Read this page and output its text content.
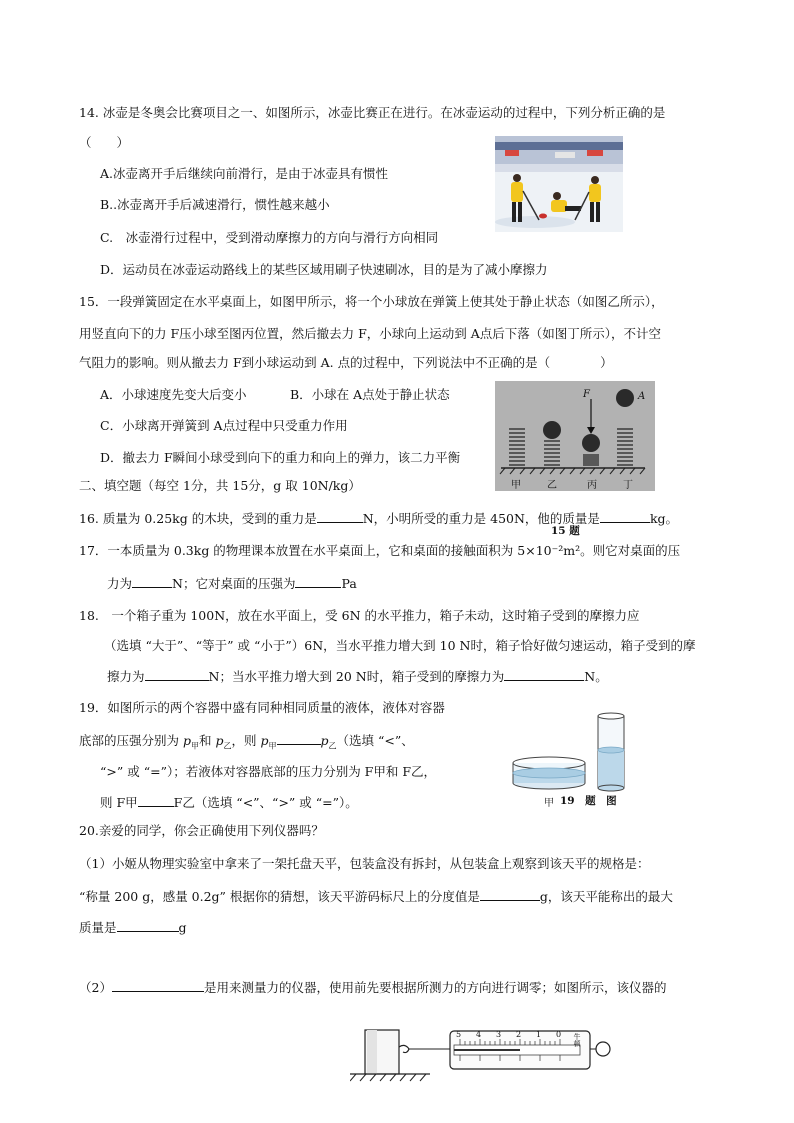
14. 冰壶是冬奥会比赛项目之一、如图所示，冰壶比赛正在进行。在冰壶运动的过程中，下列分析正确的是
（　　）
A.冰壶离开手后继续向前滑行，是由于冰壶具有惯性
B..冰壶离开手后减速滑行，惯性越来越小
C.　冰壶滑行过程中，受到滑动摩擦力的方向与滑行方向相同
D．运动员在冰壶运动路线上的某些区域用刷子快速刷冰，目的是为了减小摩擦力
15．一段弹簧固定在水平桌面上，如图甲所示，将一个小球放在弹簧上使其处于静止状态（如图乙所示），
用竖直向下的力 F压小球至图丙位置，然后撤去力 F，小球向上运动到 A点后下落（如图丁所示），不计空
气阻力的影响。则从撤去力 F到小球运动到 A. 点的过程中，下列说法中不正确的是（　　　　）
A．小球速度先变大后变小	B．小球在 A点处于静止状态
C．小球离开弹簧到 A点过程中只受重力作用
D．撤去力 F瞬间小球受到向下的重力和向上的弹力，该二力平衡
F	A
甲	乙	丙	丁
二、填空题（每空 1分，共 15分，g 取 10N/kg）
16. 质量为 0.25kg 的木块，受到的重力是	N，小明所受的重力是 450N，他的质量是	kg。
15 题
17．一本质量为 0.3kg 的物理课本放置在水平桌面上，它和桌面的接触面积为 5×10⁻²m²。则它对桌面的压
力为	N；它对桌面的压强为	Pa
18.　一个箱子重为 100N，放在水平面上，受 6N 的水平推力，箱子未动，这时箱子受到的摩擦力应
（选填 “大于”、“等于” 或 “小于”）6N，当水平推力增大到 10 N时，箱子恰好做匀速运动，箱子受到的摩
擦力为	N；当水平推力增大到 20 N时，箱子受到的摩擦力为	N。
19．如图所示的两个容器中盛有同种相同质量的液体，液体对容器
底部的压强分别为 $p_甲$和 $p_乙$，则 $p_甲$	$p_乙$（选填 “<”、
“>” 或 “=”）；若液体对容器底部的压力分别为 F甲和 F乙，
则 F甲	F乙（选填 “<”、“>” 或 “=”）。	甲 19　题　图
20.亲爱的同学，你会正确使用下列仪器吗？
（1）小姬从物理实验室中拿来了一架托盘天平，包装盒没有拆封，从包装盒上观察到该天平的规格是：
“称量 200 g，感量 0.2g” 根据你的猜想，该天平游码标尺上的分度值是	g，该天平能称出的最大
质量是	g
（2）	是用来测量力的仪器，使用前先要根据所测力的方向进行调零；如图所示，该仪器的
5 4 3 2 1 0 牛顿
